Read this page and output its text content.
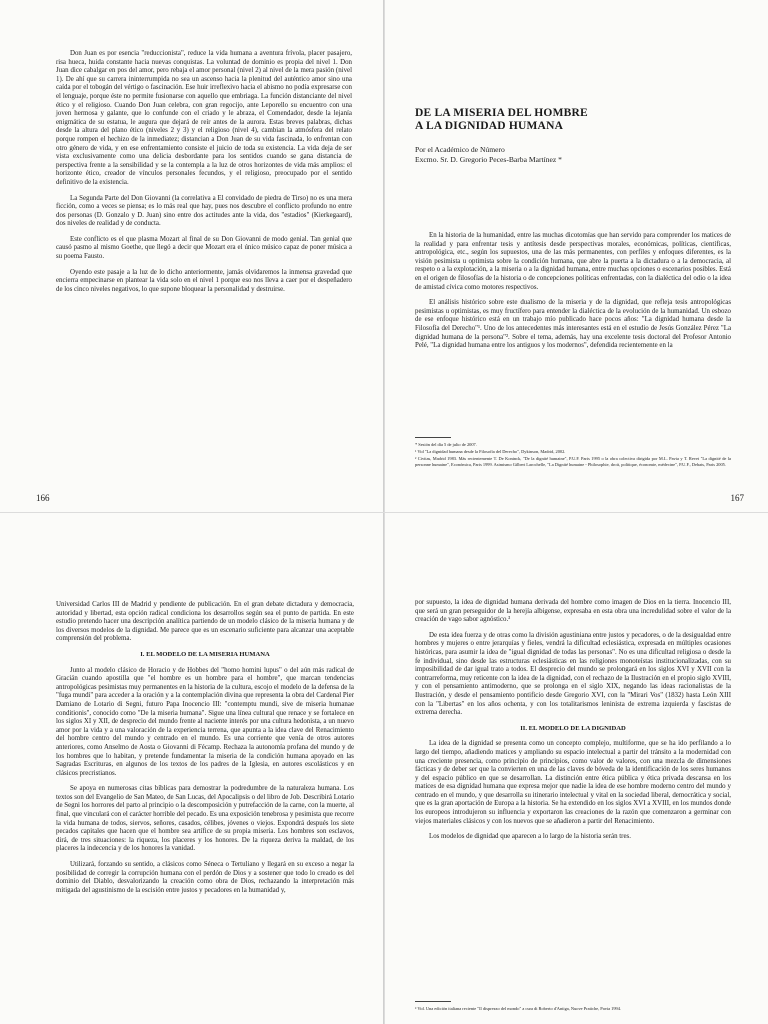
Don Juan es por esencia "reduccionista", reduce la vida humana a aventura frívola, placer pasajero, risa hueca, huida constante hacia nuevas conquistas. La voluntad de dominio es propia del nivel 1. Don Juan dice cabalgar en pos del amor, pero rebaja el amor personal (nivel 2) al nivel de la mera pasión (nivel 1). De ahí que su carrera ininterrumpida no sea un ascenso hacia la plenitud del auténtico amor sino una caída por el tobogán del vértigo o fascinación. Ese huir irreflexivo hacia el abismo no podía expresarse con el lenguaje, porque éste no permite fusionarse con aquello que embriaga. La función distanciante del nivel ético y el religioso. Cuando Don Juan celebra, con gran regocijo, ante Leporello su encuentro con una joven hermosa y galante, que lo confunde con el criado y le abraza, el Comendador, desde la lejanía enigmática de su estatua, le augura que dejará de reír antes de la aurora. Estas breves palabras, dichas desde la altura del plano ético (niveles 2 y 3) y el religioso (nivel 4), cambian la atmósfera del relato porque rompen el hechizo de la inmediatez; distancian a Don Juan de su vida fascinada, lo enfrentan con otro género de vida, y en ese enfrentamiento consiste el juicio de toda su existencia. La vida deja de ser vista exclusivamente como una delicia desbordante para los sentidos cuando se gana distancia de perspectiva frente a la sensibilidad y se la contempla a la luz de otros horizontes de vida más amplios: el horizonte ético, creador de vínculos personales fecundos, y el religioso, preocupado por el sentido definitivo de la existencia.

La Segunda Parte del Don Giovanni (la correlativa a El convidado de piedra de Tirso) no es una mera ficción, como a veces se piensa; es lo más real que hay, pues nos descubre el conflicto profundo no entre dos personas (D. Gonzalo y D. Juan) sino entre dos actitudes ante la vida, dos "estadios" (Kierkegaard), dos niveles de realidad y de conducta.

Este conflicto es el que plasma Mozart al final de su Don Giovanni de modo genial. Tan genial que causó pasmo al mismo Goethe, que llegó a decir que Mozart era el único músico capaz de poner música a su poema Fausto.

Oyendo este pasaje a la luz de lo dicho anteriormente, jamás olvidaremos la inmensa gravedad que encierra empecinarse en plantear la vida solo en el nivel 1 porque eso nos lleva a caer por el despeñadero de los cinco niveles negativos, lo que supone bloquear la personalidad y destruirse.

166
DE LA MISERIA DEL HOMBRE
A LA DIGNIDAD HUMANA
Por el Académico de Número
Excmo. Sr. D. Gregorio Peces-Barba Martínez *

En la historia de la humanidad, entre las muchas dicotomías que han servido para comprender los matices de la realidad y para enfrentar tesis y antítesis desde perspectivas morales, económicas, políticas, científicas, antropológica, etc., según los supuestos, una de las más permanentes, con perfiles y enfoques diferentes, es la visión pesimista u optimista sobre la condición humana, que abre la puerta a la dictadura o a la democracia, al respeto o a la explotación, a la miseria o a la dignidad humana, entre muchas opciones o escenarios posibles. Está en el origen de filosofías de la historia o de concepciones políticas enfrentadas, con la dialéctica del odio o la idea de amistad cívica como motores respectivos.

El análisis histórico sobre este dualismo de la miseria y de la dignidad, que refleja tesis antropológicas pesimistas u optimistas, es muy fructífero para entender la dialéctica de la evolución de la humanidad. Un esbozo de ese enfoque histórico está en un trabajo mío publicado hace pocos años: "La dignidad humana desde la Filosofía del Derecho"¹. Uno de los antecedentes más interesantes está en el estudio de Jesús González Pérez "La dignidad humana de la persona"². Sobre el tema, además, hay una excelente tesis doctoral del Profesor Antonio Pelé, "La dignidad humana entre los antiguos y los modernos", defendida recientemente en la

* Sesión del día 5 de julio de 2007.

¹ Vid "La dignidad humana desde la Filosofía del Derecho", Dykinson, Madrid, 2002.

² Civitas, Madrid 1983. Más recientemente T. De Koninck, "De la dignité humaine", P.U.F. Paris 1995 o la obra colectiva dirigida por M.L. Pavia y T. Revet "La dignité de la personne humaine", Económica, Paris 1999. Asimismo Gilbert Larochelle, "La Dignité humaine - Philosophie, droit, politique, économie, médecine", P.U.F., Debats, Paris 2005.

167

Universidad Carlos III de Madrid y pendiente de publicación. En el gran debate dictadura y democracia, autoridad y libertad, esta opción radical condiciona los desarrollos según sea el punto de partida. En este estudio pretendo hacer una descripción analítica partiendo de un modelo clásico de la miseria humana y de los diversos modelos de la dignidad. Me parece que es un escenario suficiente para alcanzar una aceptable comprensión del problema.

I. EL MODELO DE LA MISERIA HUMANA

Junto al modelo clásico de Horacio y de Hobbes del "homo homini lupus" o del aún más radical de Gracián cuando apostilla que "el hombre es un hombre para el hombre", que marcan tendencias antropológicas pesimistas muy permanentes en la historia de la cultura, escojo el modelo de la defensa de la "fuga mundi" para acceder a la oración y a la contemplación divina que representa la obra del Cardenal Pier Damiano de Lotario di Segni, futuro Papa Inocencio III: "contemptu mundi, sive de miseria humanae conditionis", conocido como "De la miseria humana". Sigue una línea cultural que renace y se fortalece en los siglos XI y XII, de desprecio del mundo frente al naciente interés por una cultura hedonista, a un nuevo amor por la vida y a una valoración de la experiencia terrena, que apunta a la idea clave del Renacimiento del hombre centro del mundo y centrado en el mundo. Es una corriente que venía de otros autores anteriores, como Anselmo de Aosta o Giovanni di Fécamp. Rechaza la autonomía profana del mundo y de los hombres que lo habitan, y pretende fundamentar la miseria de la condición humana apoyado en las Sagradas Escrituras, en algunos de los textos de los padres de la Iglesia, en autores escolásticos y en clásicos precristianos.

Se apoya en numerosas citas bíblicas para demostrar la podredumbre de la naturaleza humana. Los textos son del Evangelio de San Mateo, de San Lucas, del Apocalipsis o del libro de Job. Describirá Lotario de Segni los horrores del parto al principio o la descomposición y putrefacción de la carne, con la muerte, al final, que vinculará con el carácter horrible del pecado. Es una exposición tenebrosa y pesimista que recorre la vida humana de todos, siervos, señores, casados, célibes, jóvenes o viejos. Expondrá después los siete pecados capitales que hacen que el hombre sea artífice de su propia miseria. Los hombres son esclavos, dirá, de tres situaciones: la riqueza, los placeres y los honores. De la riqueza deriva la maldad, de los placeres la indecencia y de los honores la vanidad.

Utilizará, forzando su sentido, a clásicos como Séneca o Tertuliano y llegará en su exceso a negar la posibilidad de corregir la corrupción humana con el perdón de Dios y a sostener que todo lo creado es del dominio del Diablo, desvalorizando la creación como obra de Dios, rechazando la interpretación más mitigada del agustinismo de la escisión entre justos y pecadores en la humanidad y,

por supuesto, la idea de dignidad humana derivada del hombre como imagen de Dios en la tierra. Inocencio III, que será un gran perseguidor de la herejía albigense, expresaba en esta obra una incredulidad sobre el valor de la creación de vago sabor agnóstico.³

De esta idea fuerza y de otras como la división agustiniana entre justos y pecadores, o de la desigualdad entre hombres y mujeres o entre jerarquías y fieles, vendrá la dificultad eclesiástica, expresada en múltiples ocasiones históricas, para asumir la idea de "igual dignidad de todas las personas". No es una dificultad religiosa o desde la fe individual, sino desde las estructuras eclesiásticas en las religiones monoteístas institucionalizadas, con su imposibilidad de dar igual trato a todos. El desprecio del mundo se prolongará en los siglos XVI y XVII con la contrarreforma, muy reticente con la idea de la dignidad, con el rechazo de la Ilustración en el propio siglo XVIII, y con el pensamiento antimoderno, que se prolonga en el siglo XIX, negando las ideas racionalistas de la Ilustración, y desde el pensamiento pontificio desde Gregorio XVI, con la "Mirari Vos" (1832) hasta León XIII con la "Libertas" en los años ochenta, y con los totalitarismos leninista de extrema izquierda y fascistas de extrema derecha.

II. EL MODELO DE LA DIGNIDAD

La idea de la dignidad se presenta como un concepto complejo, multiforme, que se ha ido perfilando a lo largo del tiempo, añadiendo matices y ampliando su espacio intelectual a partir del tránsito a la modernidad con una creciente presencia, como principio de principios, como valor de valores, con una mezcla de dimensiones fácticas y de deber ser que la convierten en una de las claves de bóveda de la identificación de los seres humanos y del espacio público en que se desarrollan. La distinción entre ética pública y ética privada descansa en los matices de esa dignidad humana que expresa mejor que nadie la idea de ese hombre moderno centro del mundo y centrado en el mundo, y que desarrolla su itinerario intelectual y vital en la sociedad liberal, democrática y social, que es la gran aportación de Europa a la historia. Se ha extendido en los siglos XVI a XVIII, en los mundos donde los europeos introdujeron su influencia y exportaron las creaciones de la razón que comenzaron a germinar con viejos materiales clásicos y con los nuevos que se añadieron a partir del Renacimiento.

Los modelos de dignidad que aparecen a lo largo de la historia serán tres.

³ Vid. Una edición italiana reciente "Il disprezzo del mondo" a cura di Roberto d'Antiga, Nuove Pratiche, Pavia 1994.
